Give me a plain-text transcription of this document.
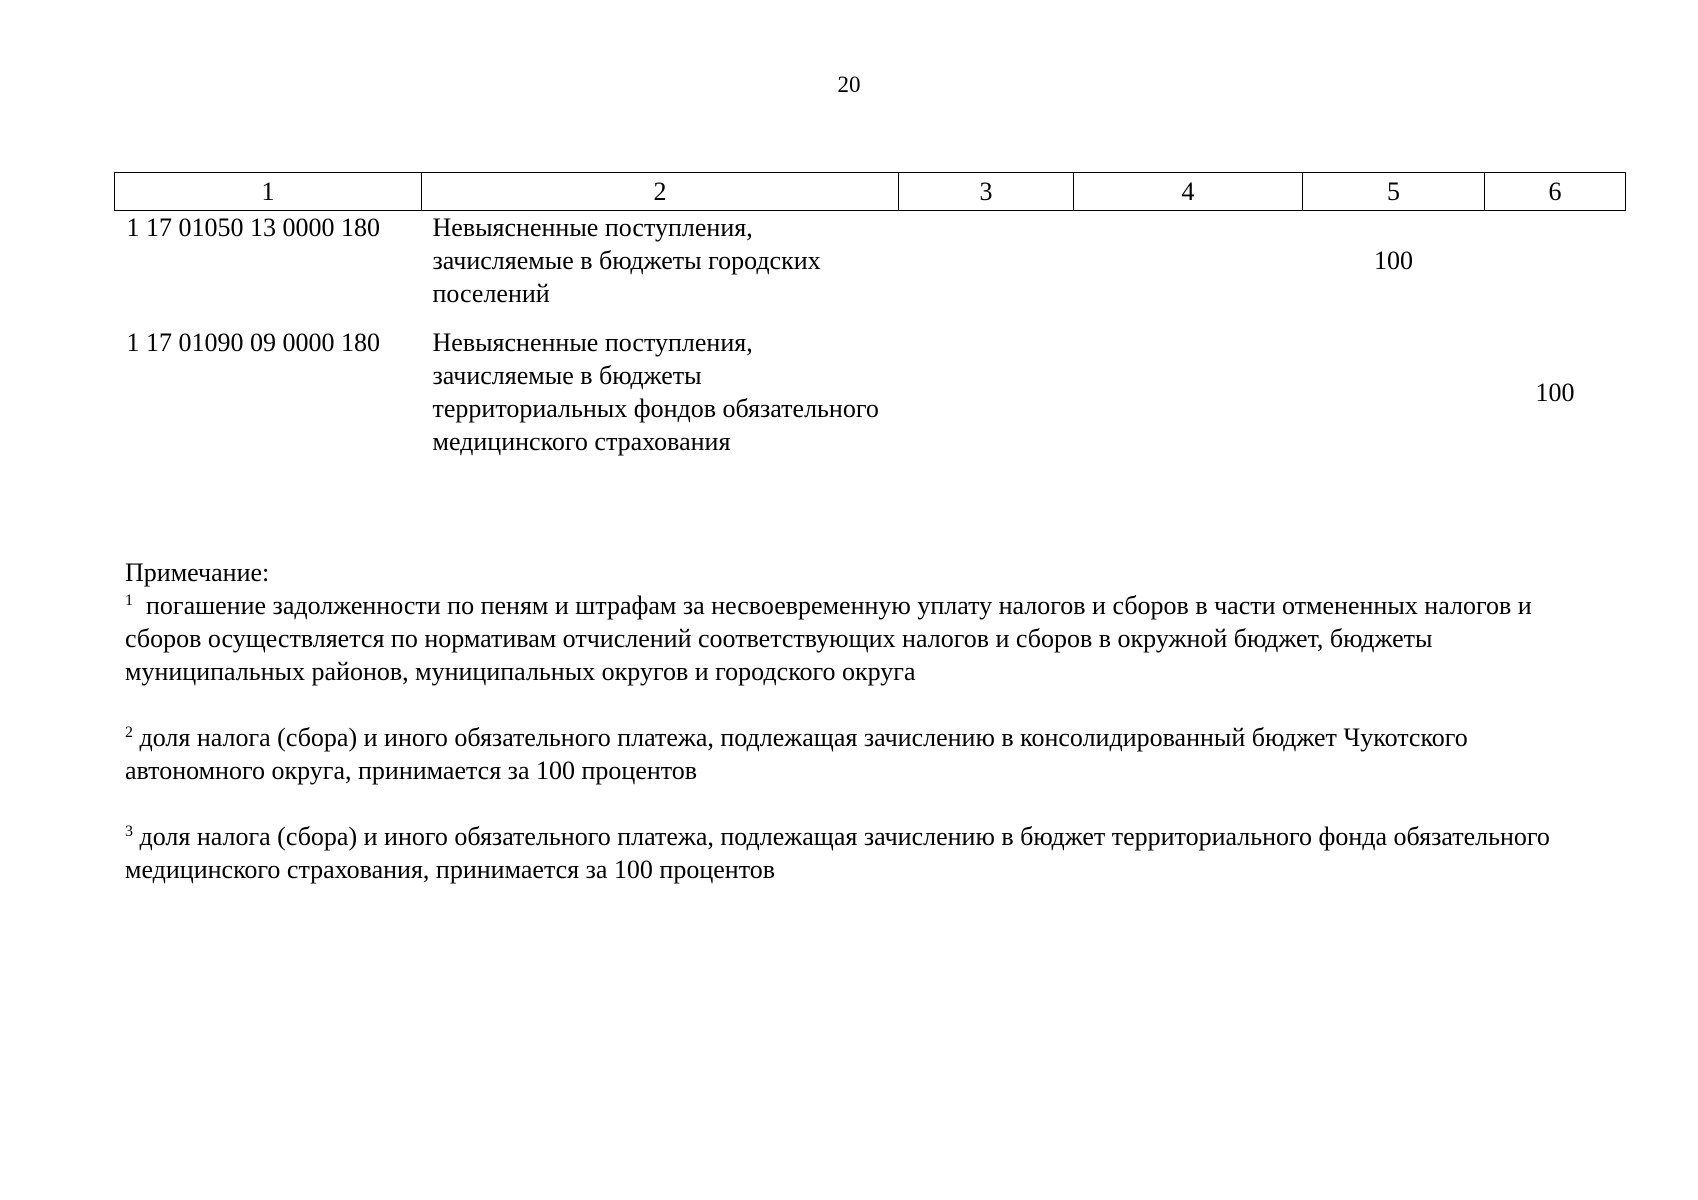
20
1	2	3	4	5	6
1 17 01050 13 0000 180	Невыясненные поступления, зачисляемые в бюджеты городских поселений			100	
1 17 01090 09 0000 180	Невыясненные поступления, зачисляемые в бюджеты территориальных фондов обязательного медицинского страхования				100

Примечание:

$^1$ погашение задолженности по пеням и штрафам за несвоевременную уплату налогов и сборов в части отмененных налогов и сборов осуществляется по нормативам отчислений соответствующих налогов и сборов в окружной бюджет, бюджеты муниципальных районов, муниципальных округов и городского округа

$^2$ доля налога (сбора) и иного обязательного платежа, подлежащая зачислению в консолидированный бюджет Чукотского автономного округа, принимается за 100 процентов

$^3$ доля налога (сбора) и иного обязательного платежа, подлежащая зачислению в бюджет территориального фонда обязательного медицинского страхования, принимается за 100 процентов
